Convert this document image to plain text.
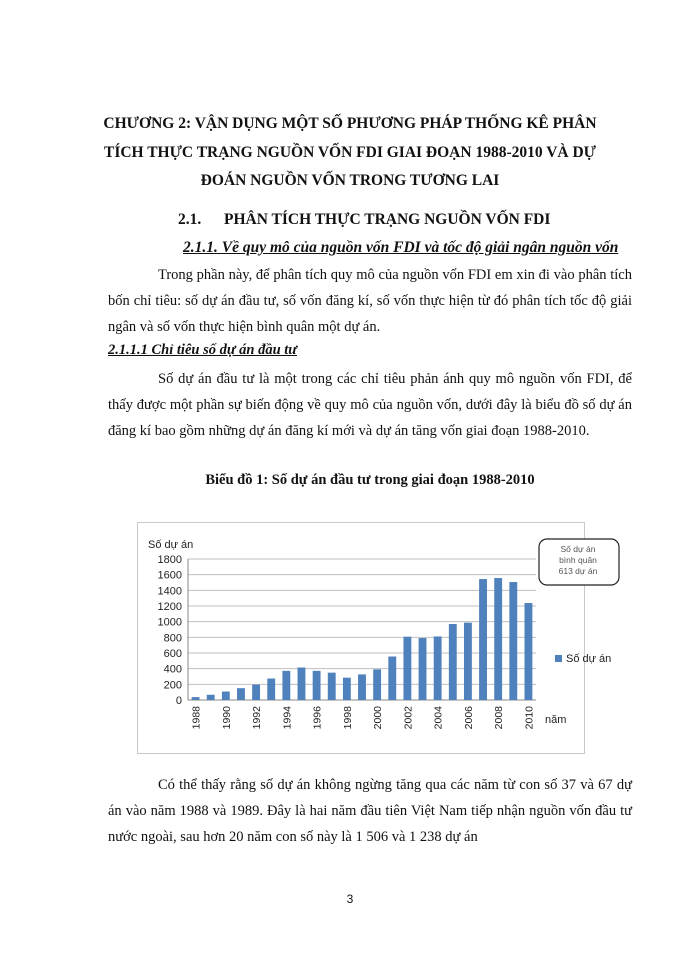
CHƯƠNG 2: VẬN DỤNG MỘT SỐ PHƯƠNG PHÁP THỐNG KÊ PHÂN
TÍCH THỰC TRẠNG NGUỒN VỐN FDI GIAI ĐOẠN 1988-2010 VÀ DỰ
ĐOÁN NGUỒN VỐN TRONG TƯƠNG LAI
2.1. PHÂN TÍCH THỰC TRẠNG NGUỒN VỐN FDI
2.1.1. Về quy mô của nguồn vốn FDI và tốc độ giải ngân nguồn vốn
Trong phần này, để phân tích quy mô của nguồn vốn FDI em xin đi vào phân tích bốn chỉ tiêu: số dự án đầu tư, số vốn đăng kí, số vốn thực hiện từ đó phân tích tốc độ giải ngân và số vốn thực hiện bình quân một dự án.
2.1.1.1 Chỉ tiêu số dự án đầu tư
Số dự án đầu tư là một trong các chỉ tiêu phản ánh quy mô nguồn vốn FDI, để thấy được một phần sự biến động về quy mô của nguồn vốn, dưới đây là biểu đồ số dự án đăng kí bao gồm những dự án đăng kí mới và dự án tăng vốn giai đoạn 1988-2010.
Biểu đồ 1: Số dự án đầu tư trong giai đoạn 1988-2010
Số dự án
0
200
400
600
800
1000
1200
1400
1600
1800
1988 1990 1992 1994 1996 1998 2000 2002 2004 2006 2008 2010 năm
Số dự án
bình quân
613 dự án
Số dự án
Có thể thấy rằng số dự án không ngừng tăng qua các năm từ con số 37 và 67 dự án vào năm 1988 và 1989. Đây là hai năm đầu tiên Việt Nam tiếp nhận nguồn vốn đầu tư nước ngoài, sau hơn 20 năm con số này là 1 506 và 1 238 dự án
3
